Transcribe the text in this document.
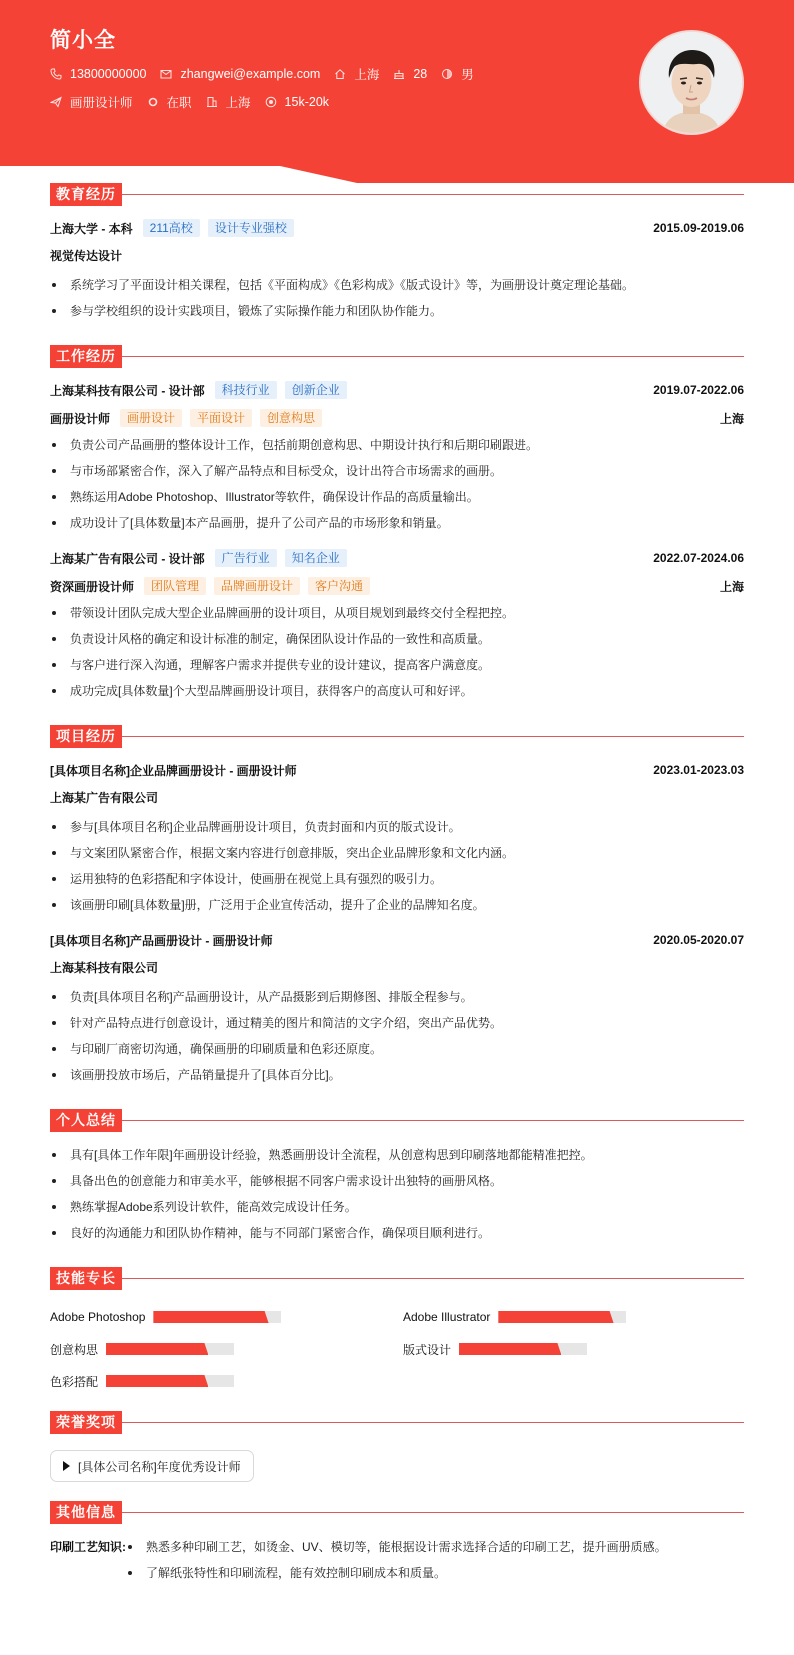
简小全
13800000000	zhangwei@example.com	上海	28	男
画册设计师	在职	上海	15k-20k
教育经历
上海大学 - 本科	211高校	设计专业强校	2015.09-2019.06
视觉传达设计
系统学习了平面设计相关课程，包括《平面构成》《色彩构成》《版式设计》等，为画册设计奠定理论基础。
参与学校组织的设计实践项目，锻炼了实际操作能力和团队协作能力。
工作经历
上海某科技有限公司 - 设计部	科技行业	创新企业	2019.07-2022.06
画册设计师	画册设计	平面设计	创意构思	上海
负责公司产品画册的整体设计工作，包括前期创意构思、中期设计执行和后期印刷跟进。
与市场部紧密合作，深入了解产品特点和目标受众，设计出符合市场需求的画册。
熟练运用Adobe Photoshop、Illustrator等软件，确保设计作品的高质量输出。
成功设计了[具体数量]本产品画册，提升了公司产品的市场形象和销量。
上海某广告有限公司 - 设计部	广告行业	知名企业	2022.07-2024.06
资深画册设计师	团队管理	品牌画册设计	客户沟通	上海
带领设计团队完成大型企业品牌画册的设计项目，从项目规划到最终交付全程把控。
负责设计风格的确定和设计标准的制定，确保团队设计作品的一致性和高质量。
与客户进行深入沟通，理解客户需求并提供专业的设计建议，提高客户满意度。
成功完成[具体数量]个大型品牌画册设计项目，获得客户的高度认可和好评。
项目经历
[具体项目名称]企业品牌画册设计 - 画册设计师	2023.01-2023.03
上海某广告有限公司
参与[具体项目名称]企业品牌画册设计项目，负责封面和内页的版式设计。
与文案团队紧密合作，根据文案内容进行创意排版，突出企业品牌形象和文化内涵。
运用独特的色彩搭配和字体设计，使画册在视觉上具有强烈的吸引力。
该画册印刷[具体数量]册，广泛用于企业宣传活动，提升了企业的品牌知名度。
[具体项目名称]产品画册设计 - 画册设计师	2020.05-2020.07
上海某科技有限公司
负责[具体项目名称]产品画册设计，从产品摄影到后期修图、排版全程参与。
针对产品特点进行创意设计，通过精美的图片和简洁的文字介绍，突出产品优势。
与印刷厂商密切沟通，确保画册的印刷质量和色彩还原度。
该画册投放市场后，产品销量提升了[具体百分比]。
个人总结
具有[具体工作年限]年画册设计经验，熟悉画册设计全流程，从创意构思到印刷落地都能精准把控。
具备出色的创意能力和审美水平，能够根据不同客户需求设计出独特的画册风格。
熟练掌握Adobe系列设计软件，能高效完成设计任务。
良好的沟通能力和团队协作精神，能与不同部门紧密合作，确保项目顺利进行。
技能专长
Adobe Photoshop	Adobe Illustrator
创意构思	版式设计
色彩搭配
荣誉奖项
[具体公司名称]年度优秀设计师
其他信息
印刷工艺知识:	熟悉多种印刷工艺，如烫金、UV、模切等，能根据设计需求选择合适的印刷工艺，提升画册质感。
了解纸张特性和印刷流程，能有效控制印刷成本和质量。
